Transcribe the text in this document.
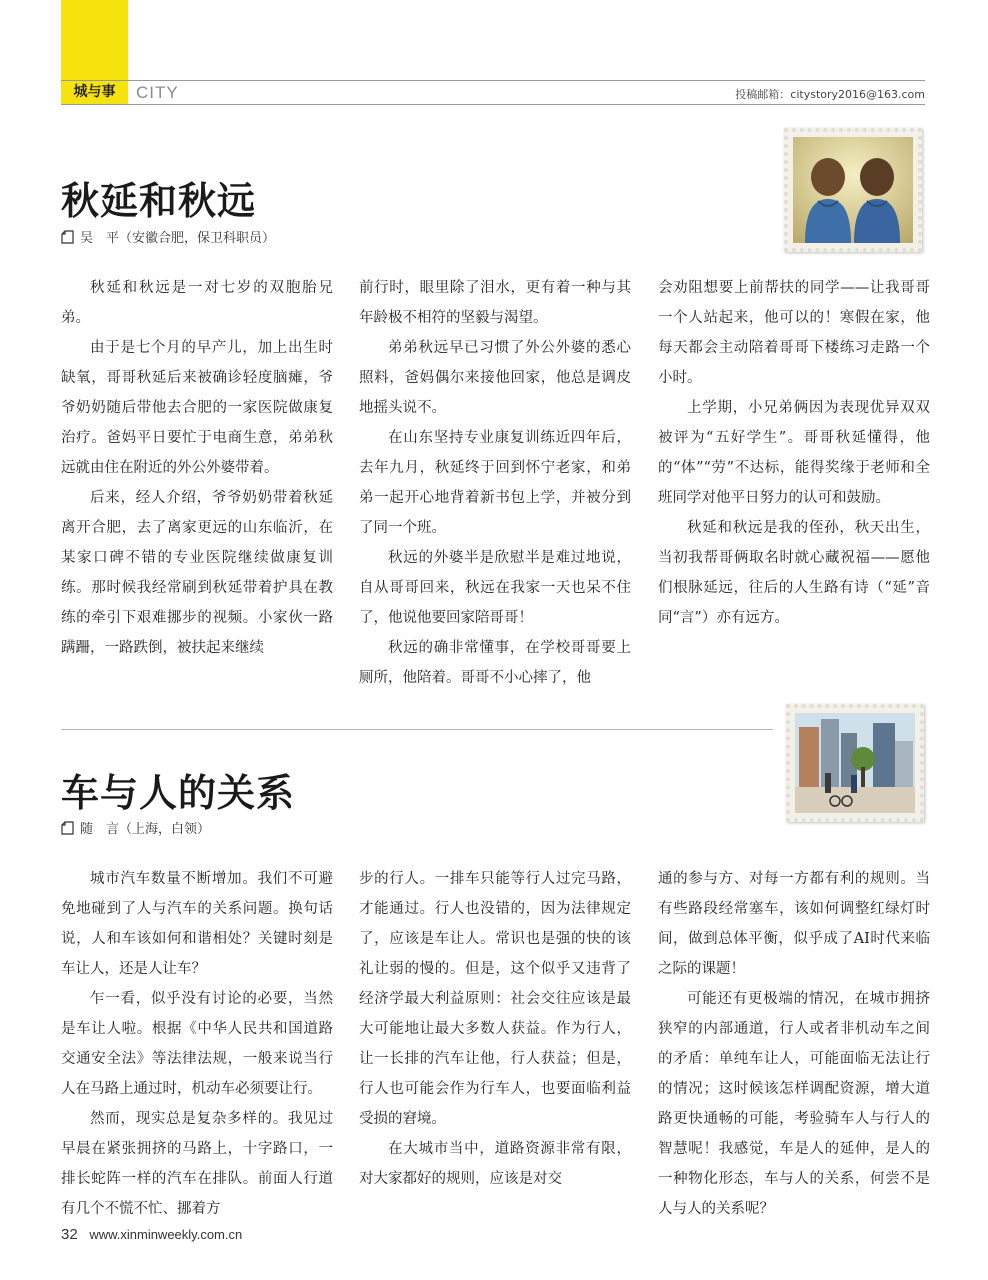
城与事	CITY	投稿邮箱：citystory2016@163.com
秋延和秋远
吴　平（安徽合肥，保卫科职员）

秋延和秋远是一对七岁的双胞胎兄弟。

由于是七个月的早产儿，加上出生时缺氧，哥哥秋延后来被确诊轻度脑瘫，爷爷奶奶随后带他去合肥的一家医院做康复治疗。爸妈平日要忙于电商生意，弟弟秋远就由住在附近的外公外婆带着。

后来，经人介绍，爷爷奶奶带着秋延离开合肥，去了离家更远的山东临沂，在某家口碑不错的专业医院继续做康复训练。那时候我经常刷到秋延带着护具在教练的牵引下艰难挪步的视频。小家伙一路蹒跚，一路跌倒，被扶起来继续

前行时，眼里除了泪水，更有着一种与其年龄极不相符的坚毅与渴望。

弟弟秋远早已习惯了外公外婆的悉心照料，爸妈偶尔来接他回家，他总是调皮地摇头说不。

在山东坚持专业康复训练近四年后，去年九月，秋延终于回到怀宁老家，和弟弟一起开心地背着新书包上学，并被分到了同一个班。

秋远的外婆半是欣慰半是难过地说，自从哥哥回来，秋远在我家一天也呆不住了，他说他要回家陪哥哥！

秋远的确非常懂事，在学校哥哥要上厕所，他陪着。哥哥不小心摔了，他

会劝阻想要上前帮扶的同学——让我哥哥一个人站起来，他可以的！寒假在家，他每天都会主动陪着哥哥下楼练习走路一个小时。

上学期，小兄弟俩因为表现优异双双被评为“五好学生”。哥哥秋延懂得，他的“体”“劳”不达标，能得奖缘于老师和全班同学对他平日努力的认可和鼓励。

秋延和秋远是我的侄孙，秋天出生，当初我帮哥俩取名时就心藏祝福——愿他们根脉延远，往后的人生路有诗（“延”音同“言”）亦有远方。

车与人的关系
随　言（上海，白领）

城市汽车数量不断增加。我们不可避免地碰到了人与汽车的关系问题。换句话说，人和车该如何和谐相处？关键时刻是车让人，还是人让车？

乍一看，似乎没有讨论的必要，当然是车让人啦。根据《中华人民共和国道路交通安全法》等法律法规，一般来说当行人在马路上通过时，机动车必须要让行。

然而，现实总是复杂多样的。我见过早晨在紧张拥挤的马路上，十字路口，一排长蛇阵一样的汽车在排队。前面人行道有几个不慌不忙、挪着方

步的行人。一排车只能等行人过完马路，才能通过。行人也没错的，因为法律规定了，应该是车让人。常识也是强的快的该礼让弱的慢的。但是，这个似乎又违背了经济学最大利益原则：社会交往应该是最大可能地让最大多数人获益。作为行人，让一长排的汽车让他，行人获益；但是，行人也可能会作为行车人，也要面临利益受损的窘境。

在大城市当中，道路资源非常有限，对大家都好的规则，应该是对交

通的参与方、对每一方都有利的规则。当有些路段经常塞车，该如何调整红绿灯时间，做到总体平衡，似乎成了AI时代来临之际的课题！

可能还有更极端的情况，在城市拥挤狭窄的内部通道，行人或者非机动车之间的矛盾：单纯车让人，可能面临无法让行的情况；这时候该怎样调配资源，增大道路更快通畅的可能，考验骑车人与行人的智慧呢！我感觉，车是人的延伸，是人的一种物化形态，车与人的关系，何尝不是人与人的关系呢？

32 www.xinminweekly.com.cn
